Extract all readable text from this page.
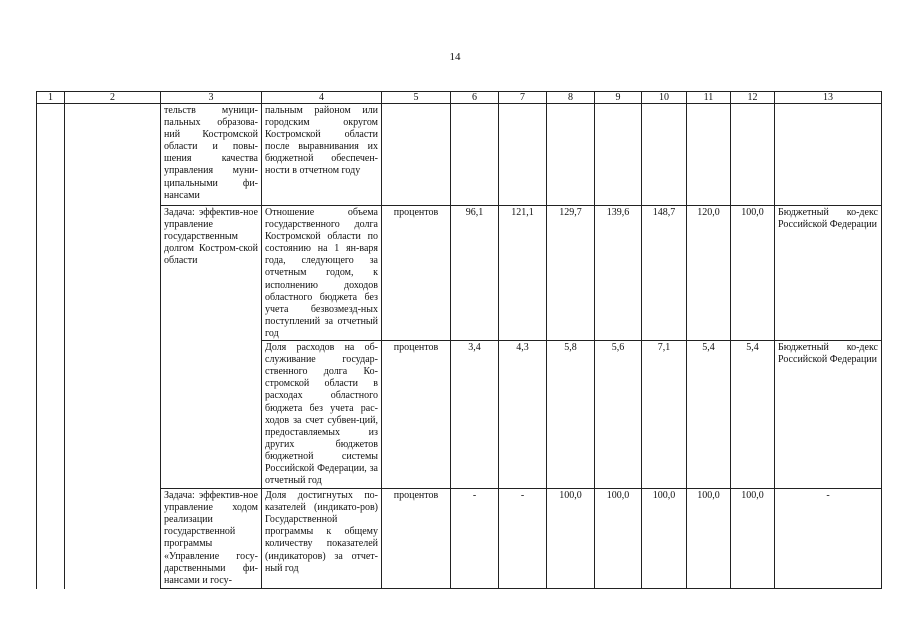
14
1	2	3	4	5	6	7	8	9	10	11	12	13
		тельств муници-пальных образова-ний Костромской области и повы-шения качества управления муни-ципальными фи-нансами	пальным районом или городским округом Костромской области после выравнивания их бюджетной обеспечен-ности в отчетном году									
		Задача: эффектив-ное управление государственным долгом Костром-ской области	Отношение объема государственного долга Костромской области по состоянию на 1 ян-варя года, следующего за отчетным годом, к исполнению доходов областного бюджета без учета безвозмезд-ных поступлений за отчетный год	процентов	96,1	121,1	129,7	139,6	148,7	120,0	100,0	Бюджетный ко-декс Российской Федерации
			Доля расходов на об-служивание государ-ственного долга Ко-стромской области в расходах областного бюджета без учета рас-ходов за счет субвен-ций, предоставляемых из других бюджетов бюджетной системы Российской Федерации, за отчетный год	процентов	3,4	4,3	5,8	5,6	7,1	5,4	5,4	Бюджетный ко-декс Российской Федерации
		Задача: эффектив-ное управление ходом реализации государственной программы «Управление госу-дарственными фи-нансами и госу-	Доля достигнутых по-казателей (индикато-ров) Государственной программы к общему количеству показателей (индикаторов) за отчет-ный год	процентов	-	-	100,0	100,0	100,0	100,0	100,0	-
